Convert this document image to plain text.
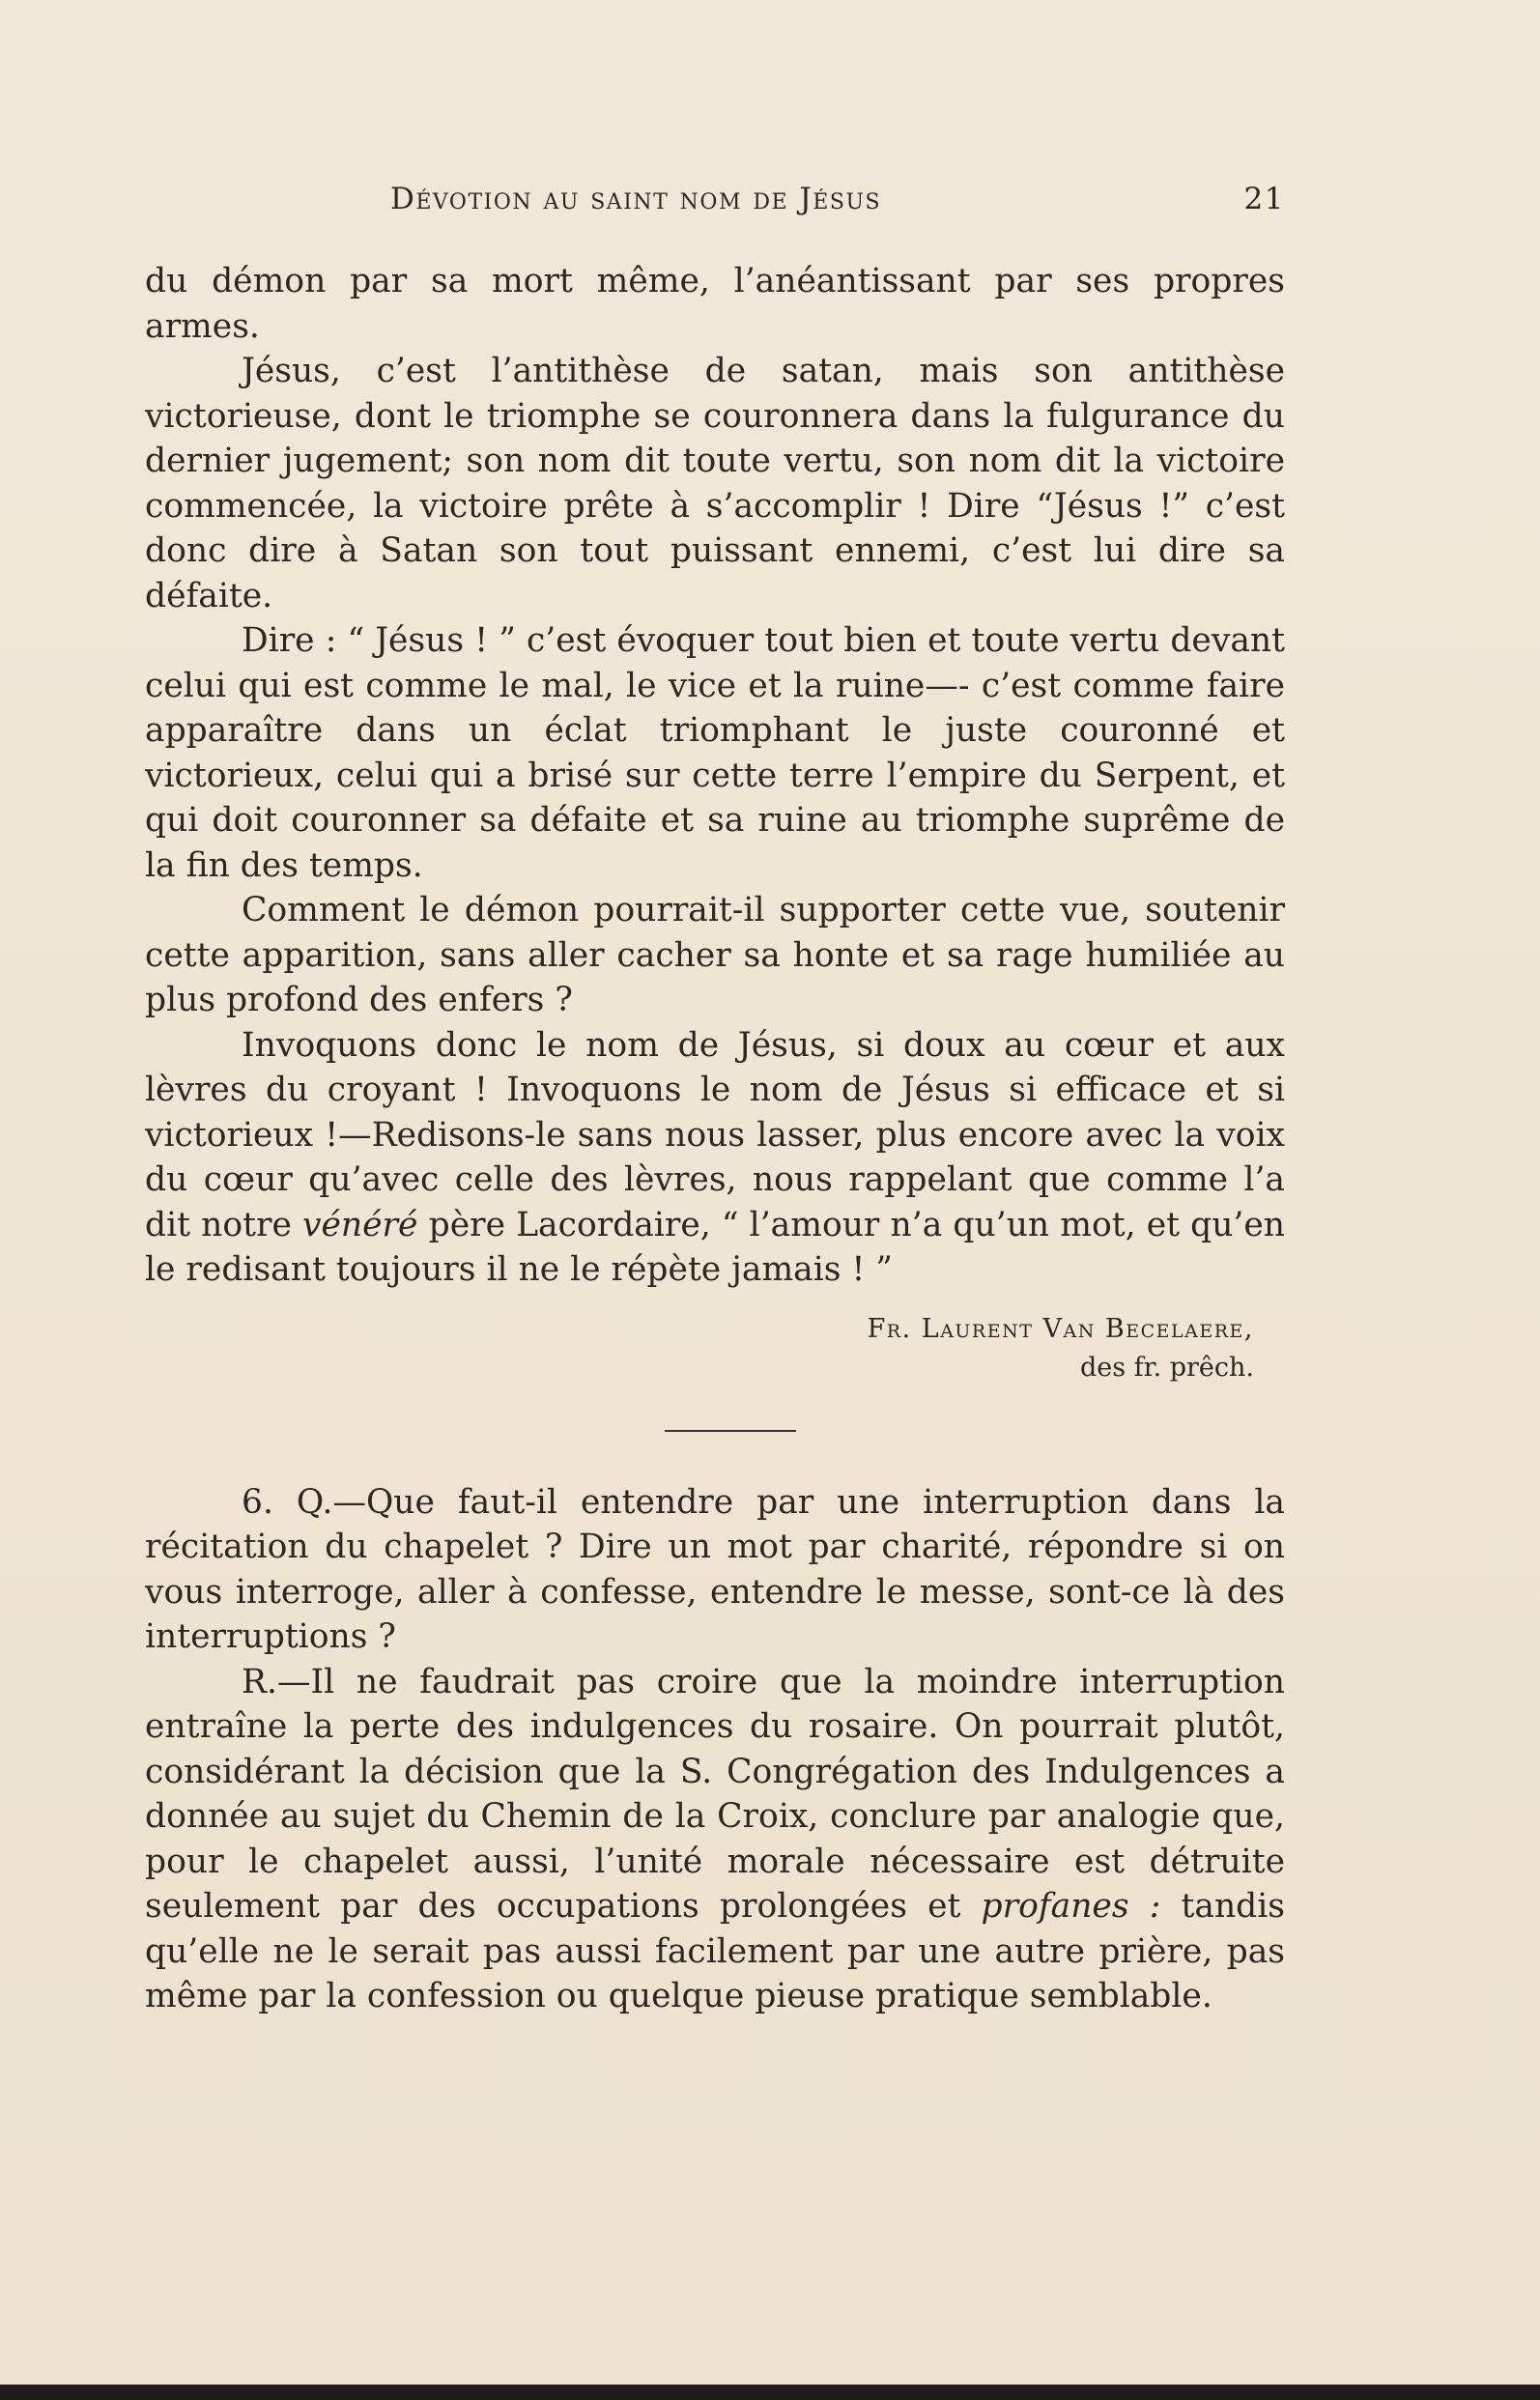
Dévotion au saint nom de Jésus	21

du démon par sa mort même, l’anéantissant par ses propres armes.

Jésus, c’est l’antithèse de satan, mais son antithèse victorieuse, dont le triomphe se couronnera dans la fulgurance du dernier jugement; son nom dit toute vertu, son nom dit la victoire commencée, la victoire prête à s’accomplir ! Dire “Jésus !” c’est donc dire à Satan son tout puissant ennemi, c’est lui dire sa défaite.

Dire : “ Jésus ! ” c’est évoquer tout bien et toute vertu devant celui qui est comme le mal, le vice et la ruine—- c’est comme faire apparaître dans un éclat triomphant le juste couronné et victorieux, celui qui a brisé sur cette terre l’empire du Serpent, et qui doit couronner sa défaite et sa ruine au triomphe suprême de la fin des temps.

Comment le démon pourrait-il supporter cette vue, soutenir cette apparition, sans aller cacher sa honte et sa rage humiliée au plus profond des enfers ?

Invoquons donc le nom de Jésus, si doux au cœur et aux lèvres du croyant ! Invoquons le nom de Jésus si efficace et si victorieux !—Redisons-le sans nous lasser, plus encore avec la voix du cœur qu’avec celle des lèvres, nous rappelant que comme l’a dit notre vénéré père Lacordaire, “ l’amour n’a qu’un mot, et qu’en le redisant toujours il ne le répète jamais ! ”

Fr. Laurent Van Becelaere,
des fr. prêch.

6. Q.—Que faut-il entendre par une interruption dans la récitation du chapelet ? Dire un mot par charité, répondre si on vous interroge, aller à confesse, entendre le messe, sont-ce là des interruptions ?

R.—Il ne faudrait pas croire que la moindre interruption entraîne la perte des indulgences du rosaire. On pourrait plutôt, considérant la décision que la S. Congrégation des Indulgences a donnée au sujet du Chemin de la Croix, conclure par analogie que, pour le chapelet aussi, l’unité morale nécessaire est détruite seulement par des occupations prolongées et profanes : tandis qu’elle ne le serait pas aussi facilement par une autre prière, pas même par la confession ou quelque pieuse pratique semblable.
